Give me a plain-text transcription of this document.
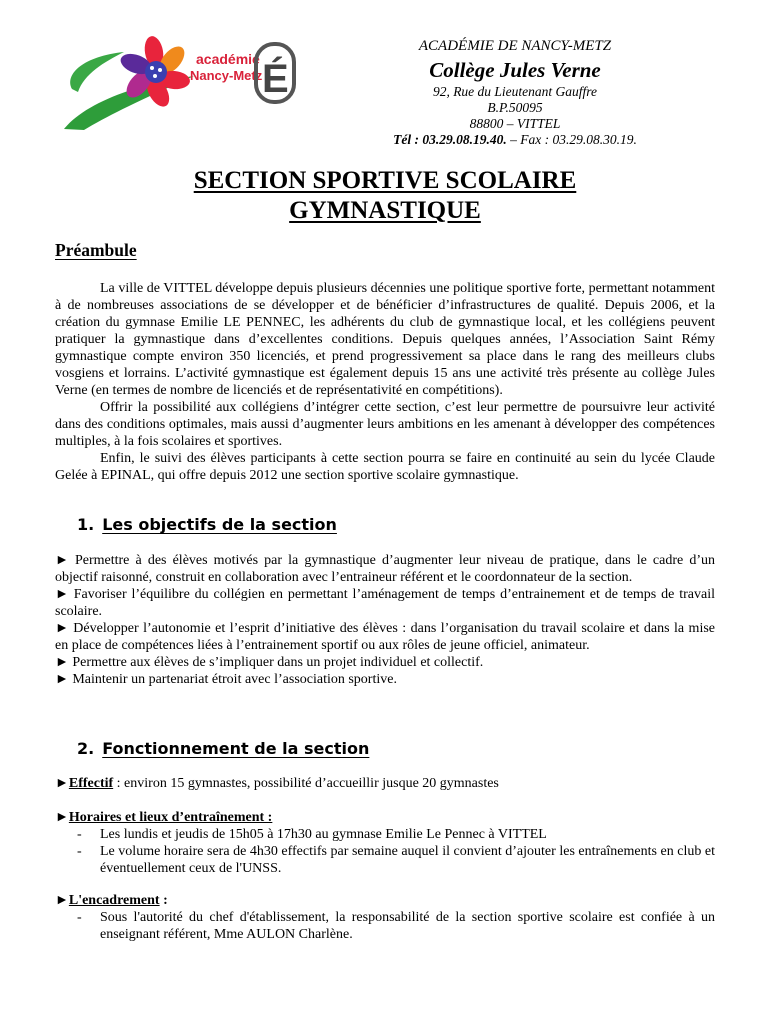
académie
Nancy-Metz É
ACADÉMIE DE NANCY-METZ
Collège Jules Verne
92, Rue du Lieutenant Gauffre
B.P.50095
88800 – VITTEL
Tél : 03.29.08.19.40. – Fax : 03.29.08.30.19.
SECTION SPORTIVE SCOLAIRE
GYMNASTIQUE
Préambule

La ville de VITTEL développe depuis plusieurs décennies une politique sportive forte, permettant notamment à de nombreuses associations de se développer et de bénéficier d’infrastructures de qualité. Depuis 2006, et la création du gymnase Emilie LE PENNEC, les adhérents du club de gymnastique local, et les collégiens peuvent pratiquer la gymnastique dans d’excellentes conditions. Depuis quelques années, l’Association Saint Rémy gymnastique compte environ 350 licenciés, et prend progressivement sa place dans le rang des meilleurs clubs vosgiens et lorrains. L’activité gymnastique est également depuis 15 ans une activité très présente au collège Jules Verne (en termes de nombre de licenciés et de représentativité en compétitions).

Offrir la possibilité aux collégiens d’intégrer cette section, c’est leur permettre de poursuivre leur activité dans des conditions optimales, mais aussi d’augmenter leurs ambitions en les amenant à développer des compétences multiples, à la fois scolaires et sportives.

Enfin, le suivi des élèves participants à cette section pourra se faire en continuité au sein du lycée Claude Gelée à EPINAL, qui offre depuis 2012 une section sportive scolaire gymnastique.

1. Les objectifs de la section

► Permettre à des élèves motivés par la gymnastique d’augmenter leur niveau de pratique, dans le cadre d’un objectif raisonné, construit en collaboration avec l’entraineur référent et le coordonnateur de la section.

► Favoriser l’équilibre du collégien en permettant l’aménagement de temps d’entrainement et de temps de travail scolaire.

► Développer l’autonomie et l’esprit d’initiative des élèves : dans l’organisation du travail scolaire et dans la mise en place de compétences liées à l’entrainement sportif ou aux rôles de jeune officiel, animateur.

► Permettre aux élèves de s’impliquer dans un projet individuel et collectif.

► Maintenir un partenariat étroit avec l’association sportive.

2. Fonctionnement de la section

►Effectif : environ 15 gymnastes, possibilité d’accueillir jusque 20 gymnastes

►Horaires et lieux d’entraînement :

- Les lundis et jeudis de 15h05 à 17h30 au gymnase Emilie Le Pennec à VITTEL

- Le volume horaire sera de 4h30 effectifs par semaine auquel il convient d’ajouter les entraînements en club et éventuellement ceux de l'UNSS.

►L'encadrement :

- Sous l'autorité du chef d'établissement, la responsabilité de la section sportive scolaire est confiée à un enseignant référent, Mme AULON Charlène.
